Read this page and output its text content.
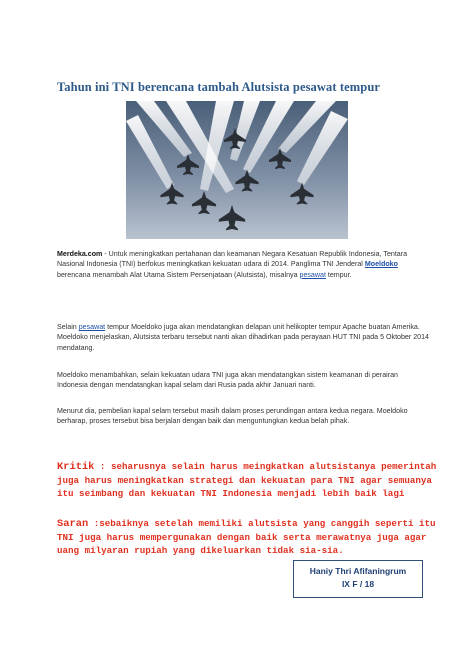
Tahun ini TNI berencana tambah Alutsista pesawat tempur
Merdeka.com - Untuk meningkatkan pertahanan dan keamanan Negara Kesatuan Republik Indonesia, Tentara Nasional Indonesia (TNI) berfokus meningkatkan kekuatan udara di 2014. Panglima TNI Jenderal Moeldoko berencana menambah Alat Utama Sistem Persenjataan (Alutsista), misalnya pesawat tempur.
Selain pesawat tempur Moeldoko juga akan mendatangkan delapan unit helikopter tempur Apache buatan Amerika. Moeldoko menjelaskan, Alutsista terbaru tersebut nanti akan dihadirkan pada perayaan HUT TNI pada 5 Oktober 2014 mendatang.
Moeldoko menambahkan, selain kekuatan udara TNI juga akan mendatangkan sistem keamanan di perairan Indonesia dengan mendatangkan kapal selam dari Rusia pada akhir Januari nanti.
Menurut dia, pembelian kapal selam tersebut masih dalam proses perundingan antara kedua negara. Moeldoko berharap, proses tersebut bisa berjalan dengan baik dan menguntungkan kedua belah pihak.
Kritik : seharusnya selain harus meingkatkan alutsistanya pemerintah juga harus meningkatkan strategi dan kekuatan para TNI agar semuanya itu seimbang dan kekuatan TNI Indonesia menjadi lebih baik lagi
Saran :sebaiknya setelah memiliki alutsista yang canggih seperti itu TNI juga harus mempergunakan dengan baik serta merawatnya juga agar uang milyaran rupiah yang dikeluarkan tidak sia-sia.
Haniy Thri Afifaningrum
IX F / 18
